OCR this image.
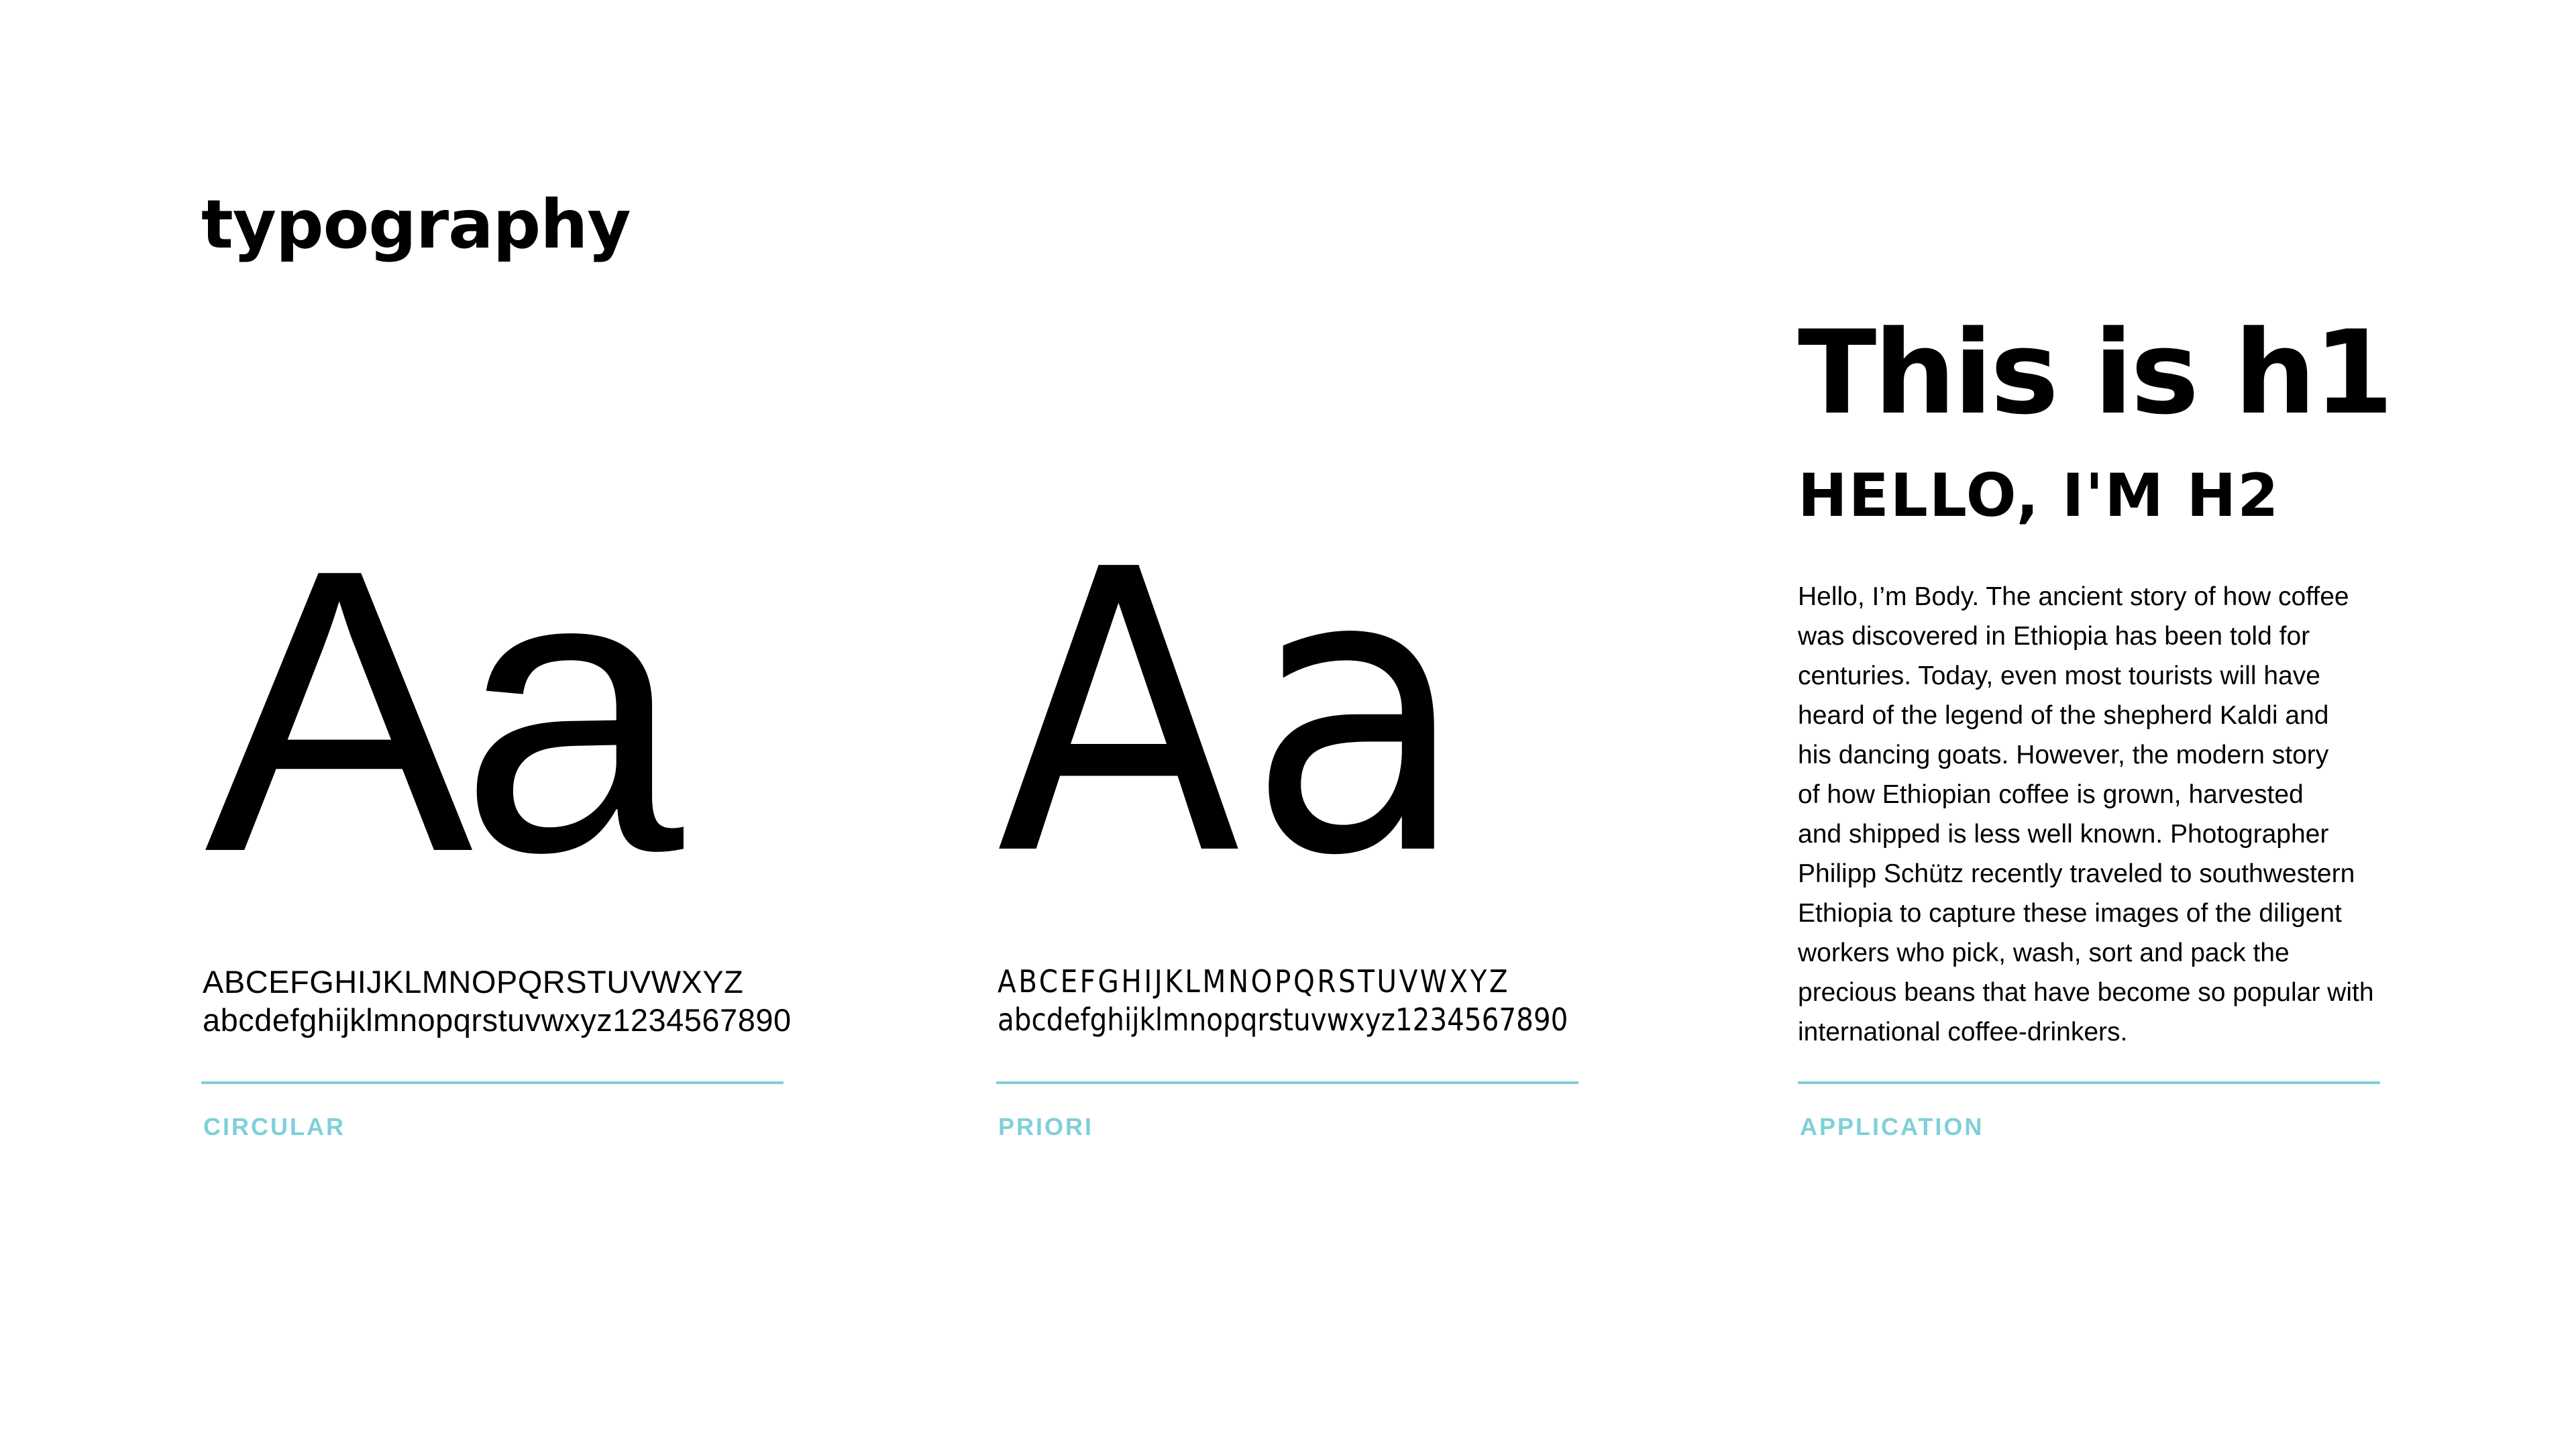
typography
Aa
ABCEFGHIJKLMNOPQRSTUVWXYZ
abcdefghijklmnopqrstuvwxyz1234567890
CIRCULAR
Aa
ABCEFGHIJKLMNOPQRSTUVWXYZ
abcdefghijklmnopqrstuvwxyz1234567890
PRIORI
This is h1
HELLO, I'M H2
Hello, I’m Body. The ancient story of how coffee
was discovered in Ethiopia has been told for
centuries. Today, even most tourists will have
heard of the legend of the shepherd Kaldi and
his dancing goats. However, the modern story
of how Ethiopian coffee is grown, harvested
and shipped is less well known. Photographer
Philipp Schütz recently traveled to southwestern
Ethiopia to capture these images of the diligent
workers who pick, wash, sort and pack the
precious beans that have become so popular with
international coffee-drinkers.
APPLICATION
